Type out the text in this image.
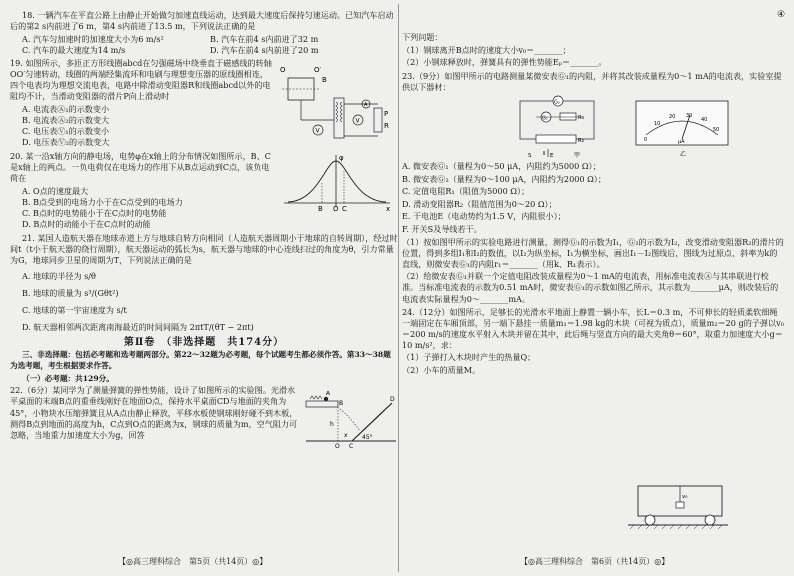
④
18. 一辆汽车在平直公路上由静止开始做匀加速直线运动，达到最大速度后保持匀速运动。已知汽车启动后的第2 s内前进了6 m，第4 s内前进了13.5 m，下列说法正确的是
A. 汽车匀加速时的加速度大小为6 m/s²	B. 汽车在前4 s内前进了32 m
C. 汽车的最大速度为14 m/s	D. 汽车在前4 s内前进了20 m
19. 如图所示，多匝正方形线圈abcd在匀强磁场中绕垂直于磁感线的转轴OO′匀速转动，线圈的两端经集流环和电刷与理想变压器的原线圈相连，四个电表均为理想交流电表，电路中除滑动变阻器R和线圈abcd以外的电阻均不计，当滑动变阻器的滑片P向上滑动时
A. 电流表Ⓐ₁的示数变小
B. 电流表Ⓐ₂的示数变大
C. 电压表Ⓥ₁的示数变小
D. 电压表Ⓥ₂的示数变大
O	O′
B
V
V
P
R
A
20. 某一沿x轴方向的静电场，电势φ在x轴上的分布情况如图所示，B、C是x轴上的两点。一负电荷仅在电场力的作用下从B点运动到C点，该负电荷在
A. O点的速度最大
B. B点受到的电场力小于在C点受到的电场力
C. B点时的电势能小于在C点时的电势能
D. B点时的动能小于在C点时的动能
φ
x
B O C
21. 某国人造航天器在地球赤道上方与地球自转方向相同（人造航天器周期小于地球的自转周期），经过时间t（t小于航天器的绕行周期），航天器运动的弧长为s，航天器与地球的中心连线扫过的角度为θ，引力常量为G，地球同步卫星的周期为T，下列说法正确的是
A. 地球的半径为 s/θ
B. 地球的质量为 s³/(Gθt²)
C. 地球的第一宇宙速度为 s/t
D. 航天器相邻两次距离南海最近的时间间隔为 2πtT/(θT − 2πt)
第Ⅱ卷　（非选择题　共174分）
三、非选择题：包括必考题和选考题两部分。第22～32题为必考题，每个试题考生都必须作答。第33～38题为选考题，考生根据要求作答。
（一）必考题：共129分。
22.（6分）某同学为了测量弹簧的弹性势能，设计了如图所示的实验图。光滑水平桌面的末端B点的重垂线刚好在地面O点，保持水平桌面CD与地面的夹角为45°，小物块水压缩弹簧且从A点由静止释放，平移水板使钢球刚好碰不到木板，测得B点到地面的高度为h，C点到O点的距离为x，钢球的质量为m，空气阻力可忽略，当地重力加速度大小为g，回答
A
B
D
C
O
h
x 45°
【◎高三理科综合　第5页（共14页）◎】
下列问题：
（1）钢球离开B点时的速度大小v₀＝_______；
（2）小钢球释放时，弹簧具有的弹性势能Eₚ＝_______。
23.（9分）如图甲所示的电路测量某微安表Ⓖ₁的内阻，并将其改装成量程为0～1 mA的电流表，实验室提供以下器材：
G₂
G₁	R₁
R₂
E
S	甲
0
10
20 30
40
50
μA
乙
A. 微安表Ⓖ₁（量程为0～50 μA，内阻约为5000 Ω）；
B. 微安表Ⓖ₂（量程为0～100 μA，内阻约为2000 Ω）；
C. 定值电阻R₁（阻值为5000 Ω）；
D. 滑动变阻器R₂（阻值范围为0～20 Ω）；
E. 干电池E（电动势约为1.5 V，内阻很小）；
F. 开关S及导线若干。
（1）按如图甲所示的实验电路进行测量，测得Ⓖ₁的示数为I₁，Ⓖ₂的示数为I₂，改变滑动变阻器R₂的滑片的位置，得到多组I₁和I₂的数值，以I₂为纵坐标，I₁为横坐标，画出I₁－I₂图线后，图线为过原点、斜率为k的直线，则微安表Ⓖ₁的内阻r₁＝_______（用k、R₁表示）。
（2）给微安表Ⓖ₁并联一个定值电阻改装成量程为0～1 mA的电流表，用标准电流表Ⓐ与其串联进行校准。当标准电流表的示数为0.51 mA时，微安表Ⓖ₁的示数如图乙所示，其示数为_______μA，则改装后的电流表实际量程为0～_______mA。
24.（12分）如图所示，足够长的光滑水平地面上静置一辆小车，长L＝0.3 m，不可伸长的轻质柔软细绳一端固定在车厢顶部，另一端下悬挂一质量m₁＝1.98 kg的木块（可视为质点），质量m₂＝20 g的子弹以v₀＝200 m/s的速度水平射入木块并留在其中，此后绳与竖直方向的最大夹角θ＝60°，取重力加速度大小g＝10 m/s²，求：
（1）子弹打入木块时产生的热量Q；
（2）小车的质量M。
v₀
【◎高三理科综合　第6页（共14页）◎】
